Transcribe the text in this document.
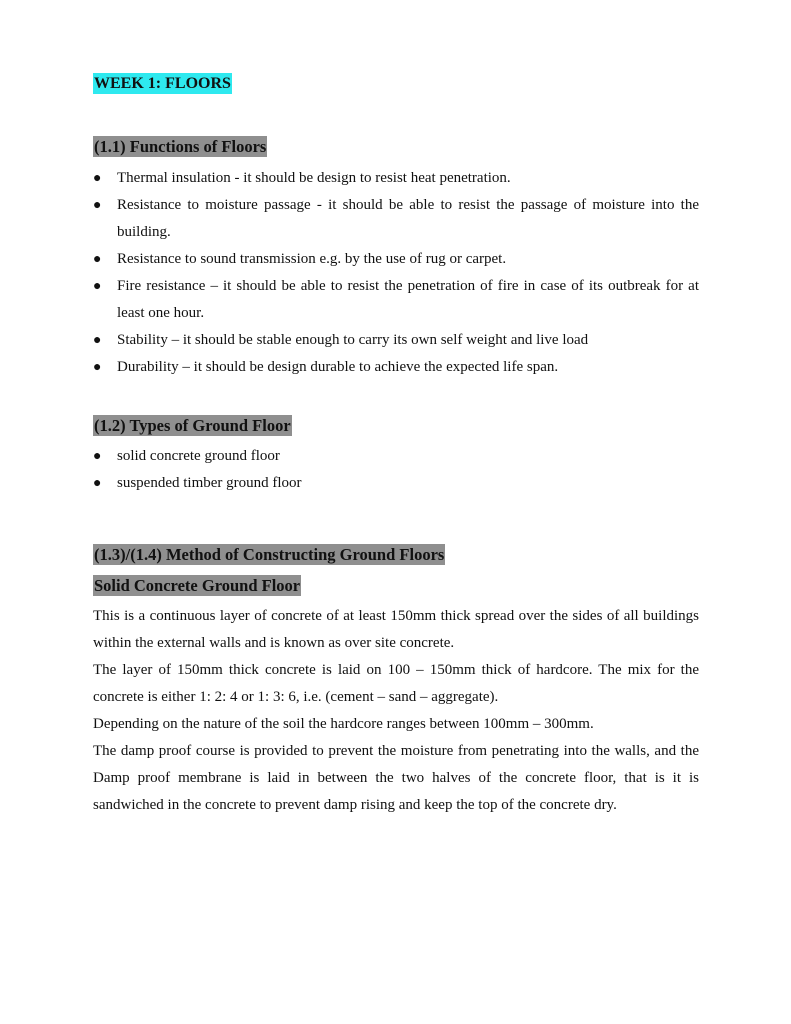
WEEK 1: FLOORS
(1.1) Functions of Floors
● Thermal insulation - it should be design to resist heat penetration.
● Resistance to moisture passage - it should be able to resist the passage of moisture into the building.
● Resistance to sound transmission e.g. by the use of rug or carpet.
● Fire resistance – it should be able to resist the penetration of fire in case of its outbreak for at least one hour.
● Stability – it should be stable enough to carry its own self weight and live load
● Durability – it should be design durable to achieve the expected life span.
(1.2) Types of Ground Floor
● solid concrete ground floor
● suspended timber ground floor
(1.3)/(1.4) Method of Constructing Ground Floors
Solid Concrete Ground Floor

This is a continuous layer of concrete of at least 150mm thick spread over the sides of all buildings within the external walls and is known as over site concrete.

The layer of 150mm thick concrete is laid on 100 – 150mm thick of hardcore. The mix for the concrete is either 1: 2: 4 or 1: 3: 6, i.e. (cement – sand – aggregate).

Depending on the nature of the soil the hardcore ranges between 100mm – 300mm.

The damp proof course is provided to prevent the moisture from penetrating into the walls, and the Damp proof membrane is laid in between the two halves of the concrete floor, that is it is sandwiched in the concrete to prevent damp rising and keep the top of the concrete dry.
